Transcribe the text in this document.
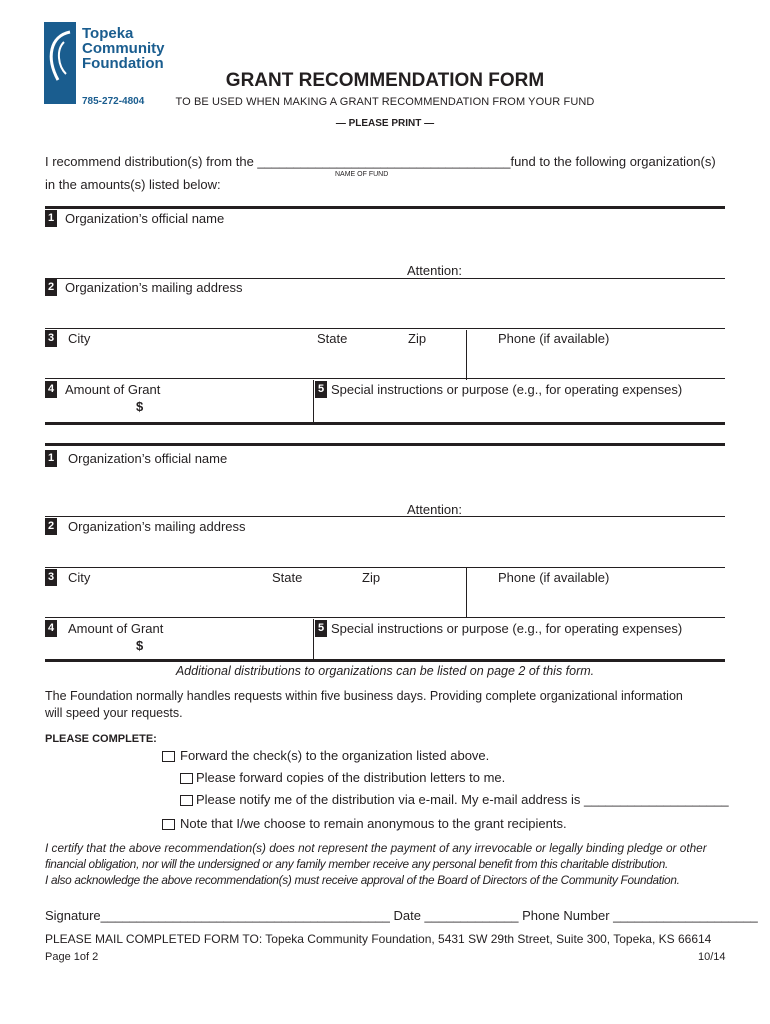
Topeka
Community
Foundation
785-272-4804
GRANT RECOMMENDATION FORM
TO BE USED WHEN MAKING A GRANT RECOMMENDATION FROM YOUR FUND
— PLEASE PRINT —
I recommend distribution(s) from the ___________________________________fund to the following organization(s)
NAME OF FUND
in the amounts(s) listed below:
1 Organization’s official name
Attention:
2 Organization’s mailing address
3 City	State	Zip	Phone (if available)
4 Amount of Grant
$
5 Special instructions or purpose (e.g., for operating expenses)
1 Organization’s official name
Attention:
2 Organization’s mailing address
3 City	State	Zip	Phone (if available)
4 Amount of Grant
$
5 Special instructions or purpose (e.g., for operating expenses)
Additional distributions to organizations can be listed on page 2 of this form.
The Foundation normally handles requests within five business days. Providing complete organizational information
will speed your requests.
PLEASE COMPLETE:
Forward the check(s) to the organization listed above.
Please forward copies of the distribution letters to me.
Please notify me of the distribution via e-mail. My e-mail address is ____________________
Note that I/we choose to remain anonymous to the grant recipients.
I certify that the above recommendation(s) does not represent the payment of any irrevocable or legally binding pledge or other
financial obligation, nor will the undersigned or any family member receive any personal benefit from this charitable distribution.
I also acknowledge the above recommendation(s) must receive approval of the Board of Directors of the Community Foundation.
Signature________________________________________ Date _____________ Phone Number ____________________
PLEASE MAIL COMPLETED FORM TO: Topeka Community Foundation, 5431 SW 29th Street, Suite 300, Topeka, KS 66614
Page 1of 2	10/14
